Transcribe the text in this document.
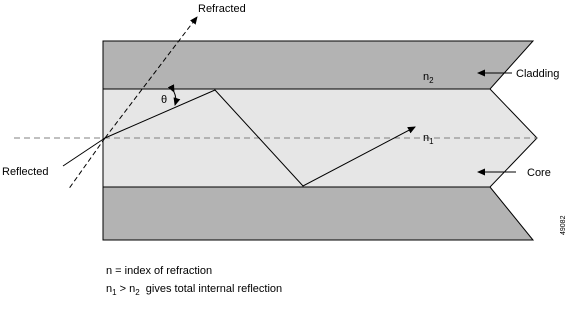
Refracted
Reflected
Cladding
Core
θ
$n_2$
$n_1$
49082
n = index of refraction
$n_1 > n_2$  gives total internal reflection
